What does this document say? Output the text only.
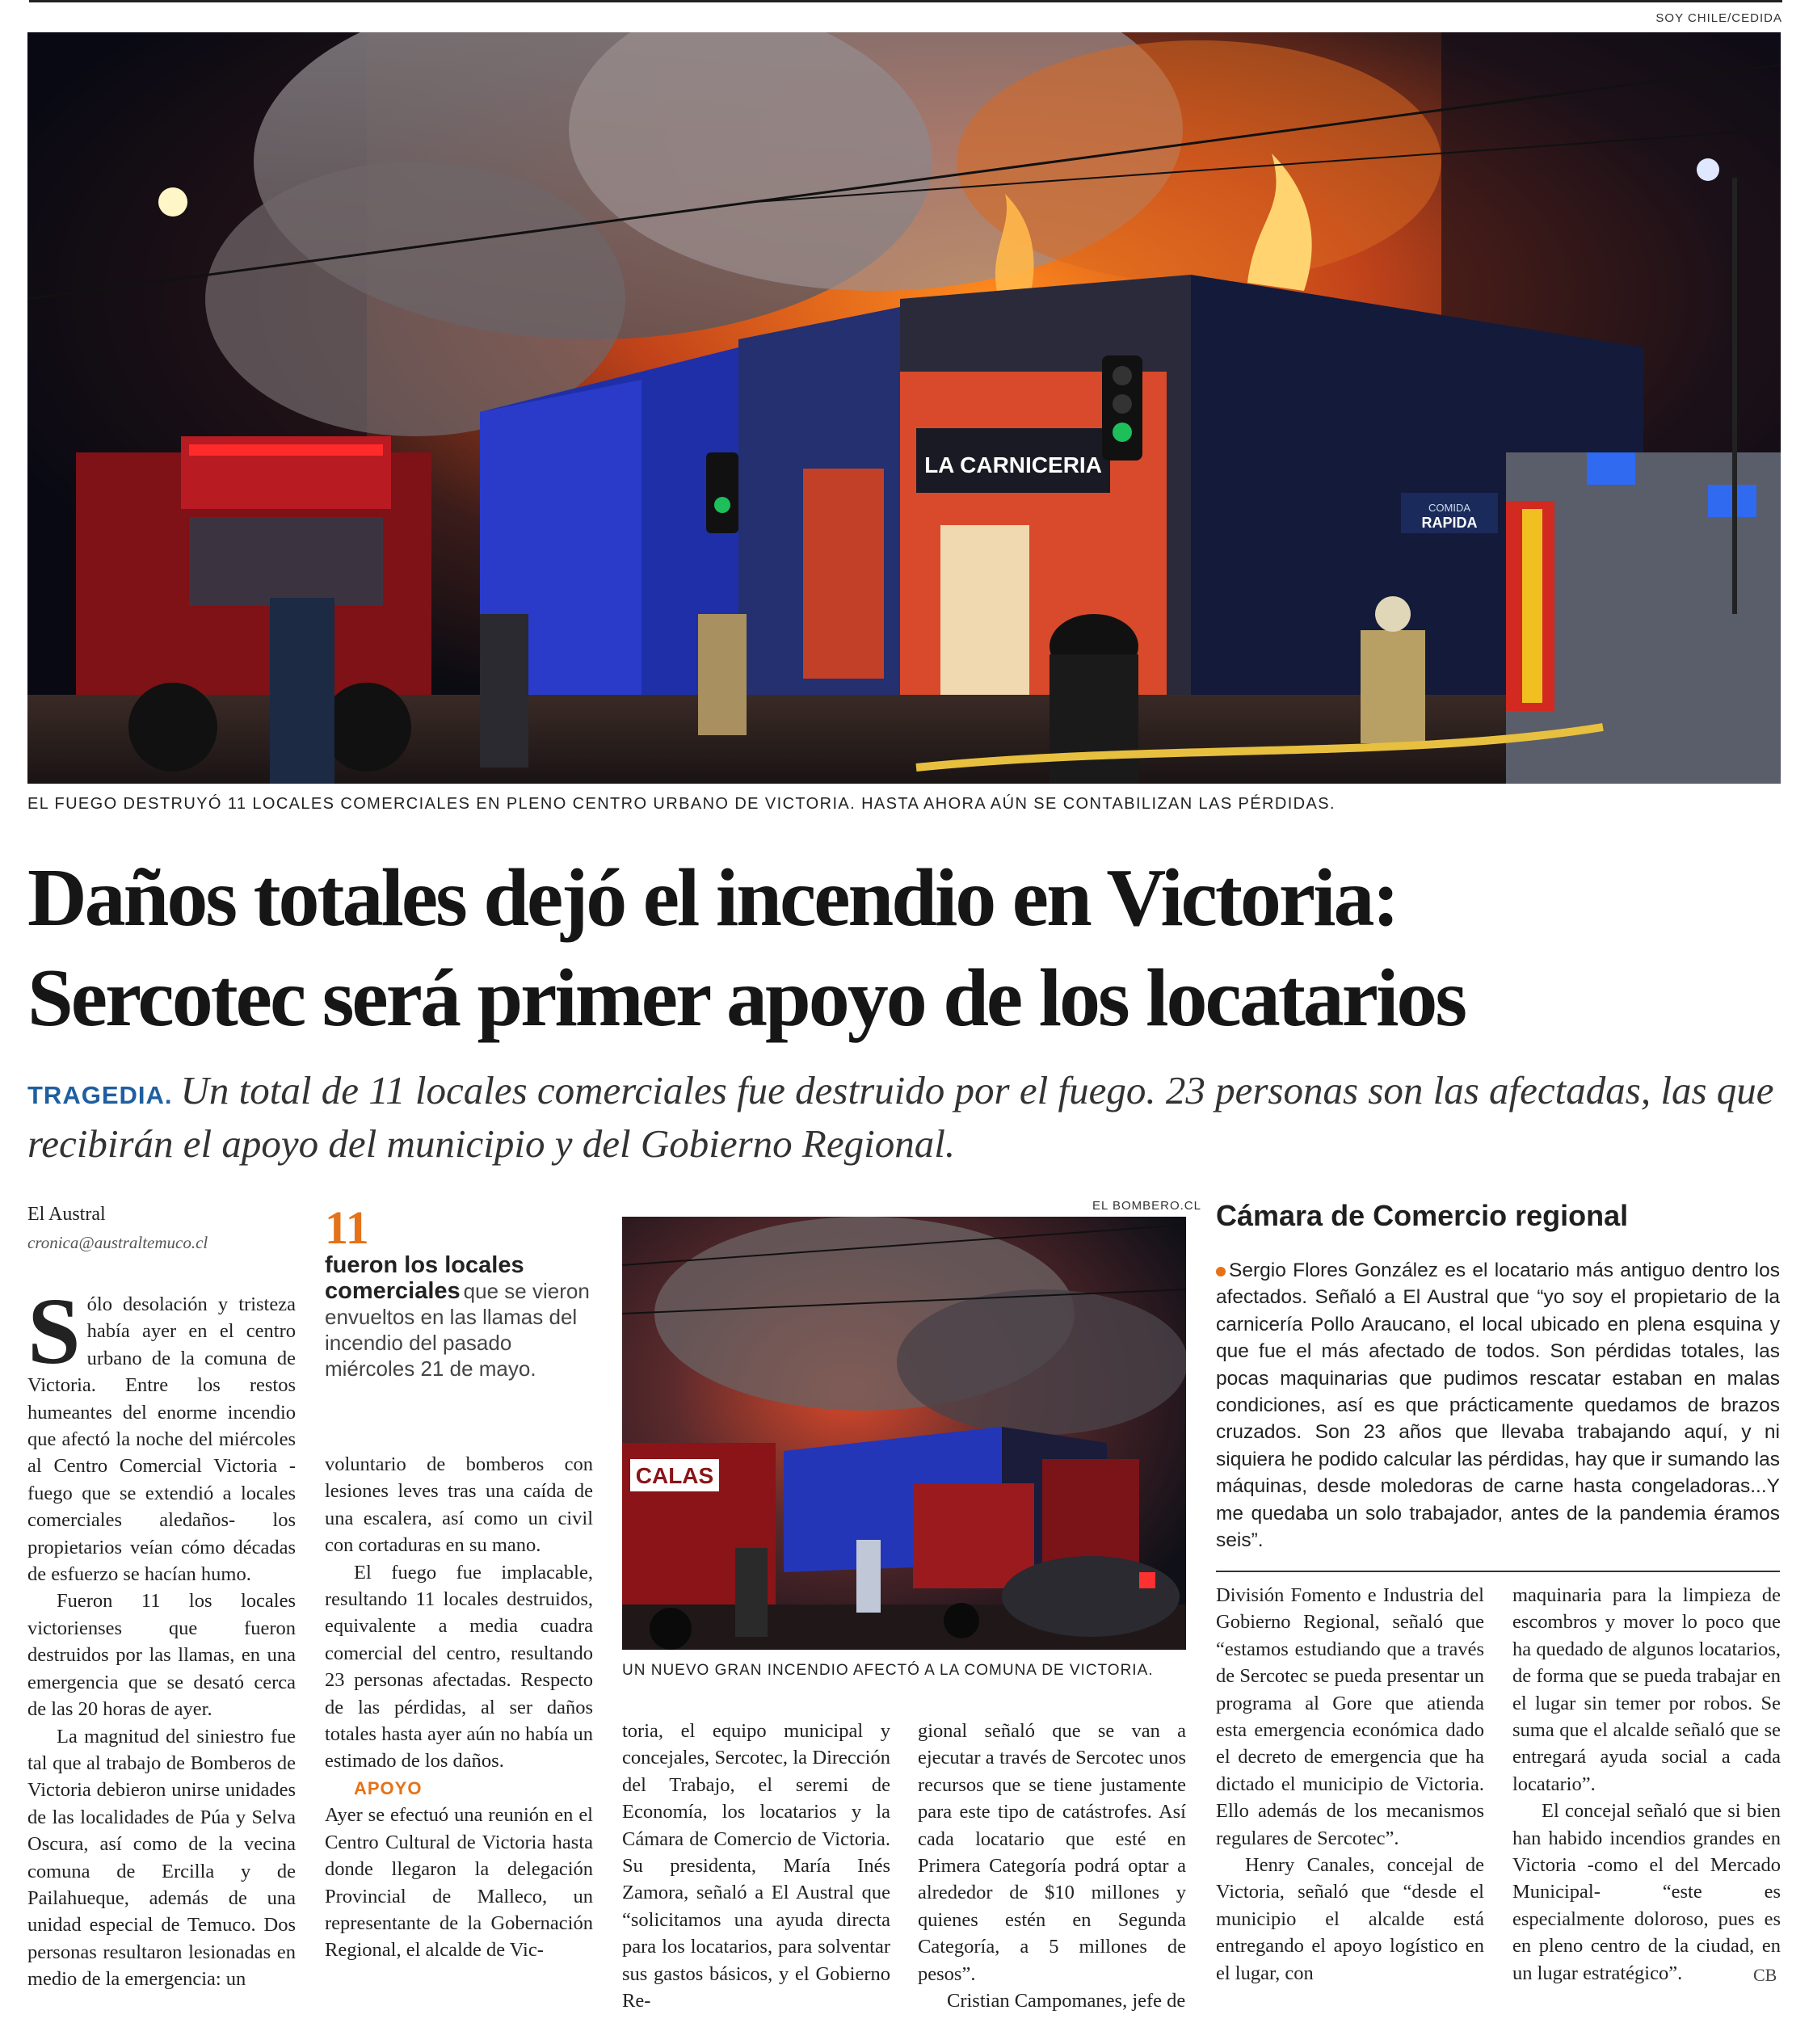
SOY CHILE/CEDIDA
LA CARNICERIA
COMIDA
RAPIDA
EL FUEGO DESTRUYÓ 11 LOCALES COMERCIALES EN PLENO CENTRO URBANO DE VICTORIA. HASTA AHORA AÚN SE CONTABILIZAN LAS PÉRDIDAS.
Daños totales dejó el incendio en Victoria:
Sercotec será primer apoyo de los locatarios
TRAGEDIA. Un total de 11 locales comerciales fue destruido por el fuego. 23 personas son las afectadas, las que recibirán el apoyo del municipio y del Gobierno Regional.
El Austral
cronica@australtemuco.cl

Sólo desolación y tristeza había ayer en el centro urbano de la comuna de Victoria. Entre los restos humeantes del enorme incendio que afectó la noche del miércoles al Centro Comercial Victoria -fuego que se extendió a locales comerciales aledaños- los propietarios veían cómo décadas de esfuerzo se hacían humo.

Fueron 11 los locales victorienses que fueron destruidos por las llamas, en una emergencia que se desató cerca de las 20 horas de ayer.

La magnitud del siniestro fue tal que al trabajo de Bomberos de Victoria debieron unirse unidades de las localidades de Púa y Selva Oscura, así como de la vecina comuna de Ercilla y de Pailahueque, además de una unidad especial de Temuco. Dos personas resultaron lesionadas en medio de la emergencia: un

11
fueron los locales comerciales que se vieron envueltos en las llamas del incendio del pasado miércoles 21 de mayo.

voluntario de bomberos con lesiones leves tras una caída de una escalera, así como un civil con cortaduras en su mano.

El fuego fue implacable, resultando 11 locales destruidos, equivalente a media cuadra comercial del centro, resultando 23 personas afectadas. Respecto de las pérdidas, al ser daños totales hasta ayer aún no había un estimado de los daños.

APOYO

Ayer se efectuó una reunión en el Centro Cultural de Victoria hasta donde llegaron la delegación Provincial de Malleco, un representante de la Gobernación Regional, el alcalde de Vic-

EL BOMBERO.CL
CALAS
UN NUEVO GRAN INCENDIO AFECTÓ A LA COMUNA DE VICTORIA.

toria, el equipo municipal y concejales, Sercotec, la Dirección del Trabajo, el seremi de Economía, los locatarios y la Cámara de Comercio de Victoria. Su presidenta, María Inés Zamora, señaló a El Austral que “solicitamos una ayuda directa para los locatarios, para solventar sus gastos básicos, y el Gobierno Re-

gional señaló que se van a ejecutar a través de Sercotec unos recursos que se tiene justamente para este tipo de catástrofes. Así cada locatario que esté en Primera Categoría podrá optar a alrededor de $10 millones y quienes estén en Segunda Categoría, a 5 millones de pesos”.

Cristian Campomanes, jefe de

Cámara de Comercio regional
Sergio Flores González es el locatario más antiguo dentro los afectados. Señaló a El Austral que “yo soy el propietario de la carnicería Pollo Araucano, el local ubicado en plena esquina y que fue el más afectado de todos. Son pérdidas totales, las pocas maquinarias que pudimos rescatar estaban en malas condiciones, así es que prácticamente quedamos de brazos cruzados. Son 23 años que llevaba trabajando aquí, y ni siquiera he podido calcular las pérdidas, hay que ir sumando las máquinas, desde moledoras de carne hasta congeladoras...Y me quedaba un solo trabajador, antes de la pandemia éramos seis”.

División Fomento e Industria del Gobierno Regional, señaló que “estamos estudiando que a través de Sercotec se pueda presentar un programa al Gore que atienda esta emergencia económica dado el decreto de emergencia que ha dictado el municipio de Victoria. Ello además de los mecanismos regulares de Sercotec”.

Henry Canales, concejal de Victoria, señaló que “desde el municipio el alcalde está entregando el apoyo logístico en el lugar, con

maquinaria para la limpieza de escombros y mover lo poco que ha quedado de algunos locatarios, de forma que se pueda trabajar en el lugar sin temer por robos. Se suma que el alcalde señaló que se entregará ayuda social a cada locatario”.

El concejal señaló que si bien han habido incendios grandes en Victoria -como el del Mercado Municipal- “este es especialmente doloroso, pues es en pleno centro de la ciudad, en un lugar estratégico”.	CB
